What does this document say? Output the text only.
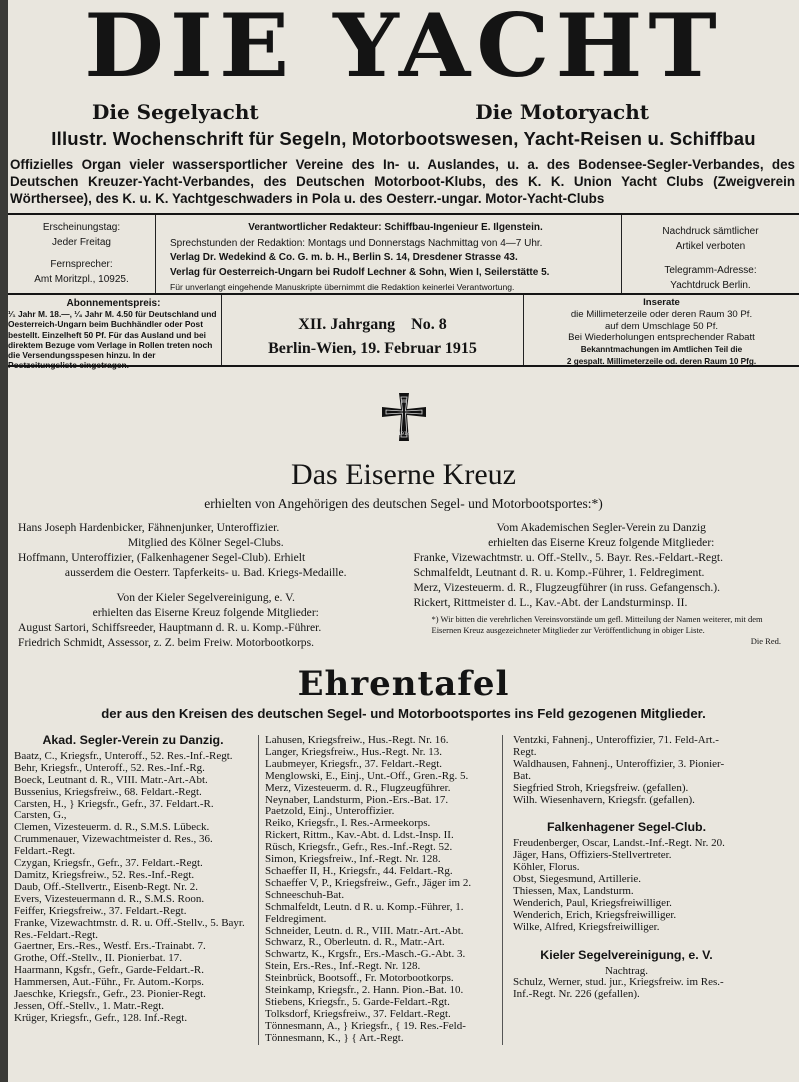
DIE YACHT
Die Segelyacht	Die Motoryacht
Illustr. Wochenschrift für Segeln, Motorbootswesen, Yacht-Reisen u. Schiffbau
Offizielles Organ vieler wassersportlicher Vereine des In- u. Auslandes, u. a. des Bodensee-Segler-Verbandes, des Deutschen Kreuzer-Yacht-Verbandes, des Deutschen Motorboot-Klubs, des K. K. Union Yacht Clubs (Zweigverein Wörthersee), des K. u. K. Yachtgeschwaders in Pola u. des Oesterr.-ungar. Motor-Yacht-Clubs
Erscheinungstag:
Jeder Freitag
Fernsprecher:
Amt Moritzpl., 10925.
Verantwortlicher Redakteur: Schiffbau-Ingenieur E. Ilgenstein.
Sprechstunden der Redaktion: Montags und Donnerstags Nachmittag von 4—7 Uhr.
Verlag Dr. Wedekind & Co. G. m. b. H., Berlin S. 14, Dresdener Strasse 43.
Verlag für Oesterreich-Ungarn bei Rudolf Lechner & Sohn, Wien I, Seilerstätte 5.
Für unverlangt eingehende Manuskripte übernimmt die Redaktion keinerlei Verantwortung.
Nachdruck sämtlicher
Artikel verboten
Telegramm-Adresse:
Yachtdruck Berlin.
Abonnementspreis:
¹⁄₁ Jahr M. 18.—, ¹⁄₄ Jahr M. 4.50 für Deutschland und Oesterreich-Ungarn beim Buchhändler oder Post bestellt. Einzelheft 50 Pf. Für das Ausland und bei direktem Bezuge vom Verlage in Rollen treten noch die Versendungsspesen hinzu. In der Postzeitungsliste eingetragen.
XII. Jahrgang No. 8
Berlin-Wien, 19. Februar 1915
Inserate
die Millimeterzeile oder deren Raum 30 Pf.
auf dem Umschlage 50 Pf.
Bei Wiederholungen entsprechender Rabatt
Bekanntmachungen im Amtlichen Teil die
2 gespalt. Millimeterzeile od. deren Raum 10 Pfg.
W
1914
Das Eiserne Kreuz
erhielten von Angehörigen des deutschen Segel- und Motorbootsportes:*)
Hans Joseph Hardenbicker, Fähnenjunker, Unteroffizier.
Mitglied des Kölner Segel-Clubs.
Hoffmann, Unteroffizier, (Falkenhagener Segel-Club). Erhielt
ausserdem die Oesterr. Tapferkeits- u. Bad. Kriegs-Medaille.
Von der Kieler Segelvereinigung, e. V.
erhielten das Eiserne Kreuz folgende Mitglieder:
August Sartori, Schiffsreeder, Hauptmann d. R. u. Komp.-Führer.
Friedrich Schmidt, Assessor, z. Z. beim Freiw. Motorbootkorps.
Vom Akademischen Segler-Verein zu Danzig
erhielten das Eiserne Kreuz folgende Mitglieder:
Franke, Vizewachtmstr. u. Off.-Stellv., 5. Bayr. Res.-Feldart.-Regt.
Schmalfeldt, Leutnant d. R. u. Komp.-Führer, 1. Feldregiment.
Merz, Vizesteuerm. d. R., Flugzeugführer (in russ. Gefangensch.).
Rickert, Rittmeister d. L., Kav.-Abt. der Landsturminsp. II.
*) Wir bitten die verehrlichen Vereinsvorstände um gefl. Mitteilung der Namen weiterer, mit dem Eisernen Kreuz ausgezeichneter Mitglieder zur Veröffentlichung in obiger Liste.
Die Red.
Ehrentafel
der aus den Kreisen des deutschen Segel- und Motorbootsportes ins Feld gezogenen Mitglieder.
Akad. Segler-Verein zu Danzig.

Baatz, C., Kriegsfr., Unteroff., 52. Res.-Inf.-Regt.

Behr, Kriegsfr., Unteroff., 52. Res.-Inf.-Rg.

Boeck, Leutnant d. R., VIII. Matr.-Art.-Abt.

Bussenius, Kriegsfreiw., 68. Feldart.-Regt.

Carsten, H., } Kriegsfr., Gefr., 37. Feldart.-R.

Carsten, G.,

Clemen, Vizesteuerm. d. R., S.M.S. Lübeck.

Crummenauer, Vizewachtmeister d. Res., 36. Feldart.-Regt.

Czygan, Kriegsfr., Gefr., 37. Feldart.-Regt.

Damitz, Kriegsfreiw., 52. Res.-Inf.-Regt.

Daub, Off.-Stellvertr., Eisenb-Regt. Nr. 2.

Evers, Vizesteuermann d. R., S.M.S. Roon.

Feiffer, Kriegsfreiw., 37. Feldart.-Regt.

Franke, Vizewachtmstr. d. R. u. Off.-Stellv., 5. Bayr. Res.-Feldart.-Regt.

Gaertner, Ers.-Res., Westf. Ers.-Trainabt. 7.

Grothe, Off.-Stellv., II. Pionierbat. 17.

Haarmann, Kgsfr., Gefr., Garde-Feldart.-R.

Hammersen, Aut.-Führ., Fr. Autom.-Korps.

Jaeschke, Kriegsfr., Gefr., 23. Pionier-Regt.

Jessen, Off.-Stellv., 1. Matr.-Regt.

Krüger, Kriegsfr., Gefr., 128. Inf.-Regt.

Lahusen, Kriegsfreiw., Hus.-Regt. Nr. 16.

Langer, Kriegsfreiw., Hus.-Regt. Nr. 13.

Laubmeyer, Kriegsfr., 37. Feldart.-Regt.

Menglowski, E., Einj., Unt.-Off., Gren.-Rg. 5.

Merz, Vizesteuerm. d. R., Flugzeugführer.

Neynaber, Landsturm, Pion.-Ers.-Bat. 17.

Paetzold, Einj., Unteroffizier.

Reiko, Kriegsfr., I. Res.-Armeekorps.

Rickert, Rittm., Kav.-Abt. d. Ldst.-Insp. II.

Rüsch, Kriegsfr., Gefr., Res.-Inf.-Regt. 52.

Simon, Kriegsfreiw., Inf.-Regt. Nr. 128.

Schaeffer II, H., Kriegsfr., 44. Feldart.-Rg.

Schaeffer V, P., Kriegsfreiw., Gefr., Jäger im 2. Schneeschuh-Bat.

Schmalfeldt, Leutn. d R. u. Komp.-Führer, 1. Feldregiment.

Schneider, Leutn. d. R., VIII. Matr.-Art.-Abt.

Schwarz, R., Oberleutn. d. R., Matr.-Art.

Schwartz, K., Krgsfr., Ers.-Masch.-G.-Abt. 3.

Stein, Ers.-Res., Inf.-Regt. Nr. 128.

Steinbrück, Bootsoff., Fr. Motorbootkorps.

Steinkamp, Kriegsfr., 2. Hann. Pion.-Bat. 10.

Stiebens, Kriegsfr., 5. Garde-Feldart.-Rgt.

Tolksdorf, Kriegsfreiw., 37. Feldart.-Regt.

Tönnesmann, A., } Kriegsfr., { 19. Res.-Feld-

Tönnesmann, K., } { Art.-Regt.

Ventzki, Fahnenj., Unteroffizier, 71. Feld-Art.-Regt.

Waldhausen, Fahnenj., Unteroffizier, 3. Pionier-Bat.

Siegfried Stroh, Kriegsfreiw. (gefallen).

Wilh. Wiesenhavern, Kriegsfr. (gefallen).

Falkenhagener Segel-Club.

Freudenberger, Oscar, Landst.-Inf.-Regt. Nr. 20.

Jäger, Hans, Offiziers-Stellvertreter.

Köhler, Florus.

Obst, Siegesmund, Artillerie.

Thiessen, Max, Landsturm.

Wenderich, Paul, Kriegsfreiwilliger.

Wenderich, Erich, Kriegsfreiwilliger.

Wilke, Alfred, Kriegsfreiwilliger.

Kieler Segelvereinigung, e. V.
Nachtrag.

Schulz, Werner, stud. jur., Kriegsfreiw. im Res.-Inf.-Regt. Nr. 226 (gefallen).
